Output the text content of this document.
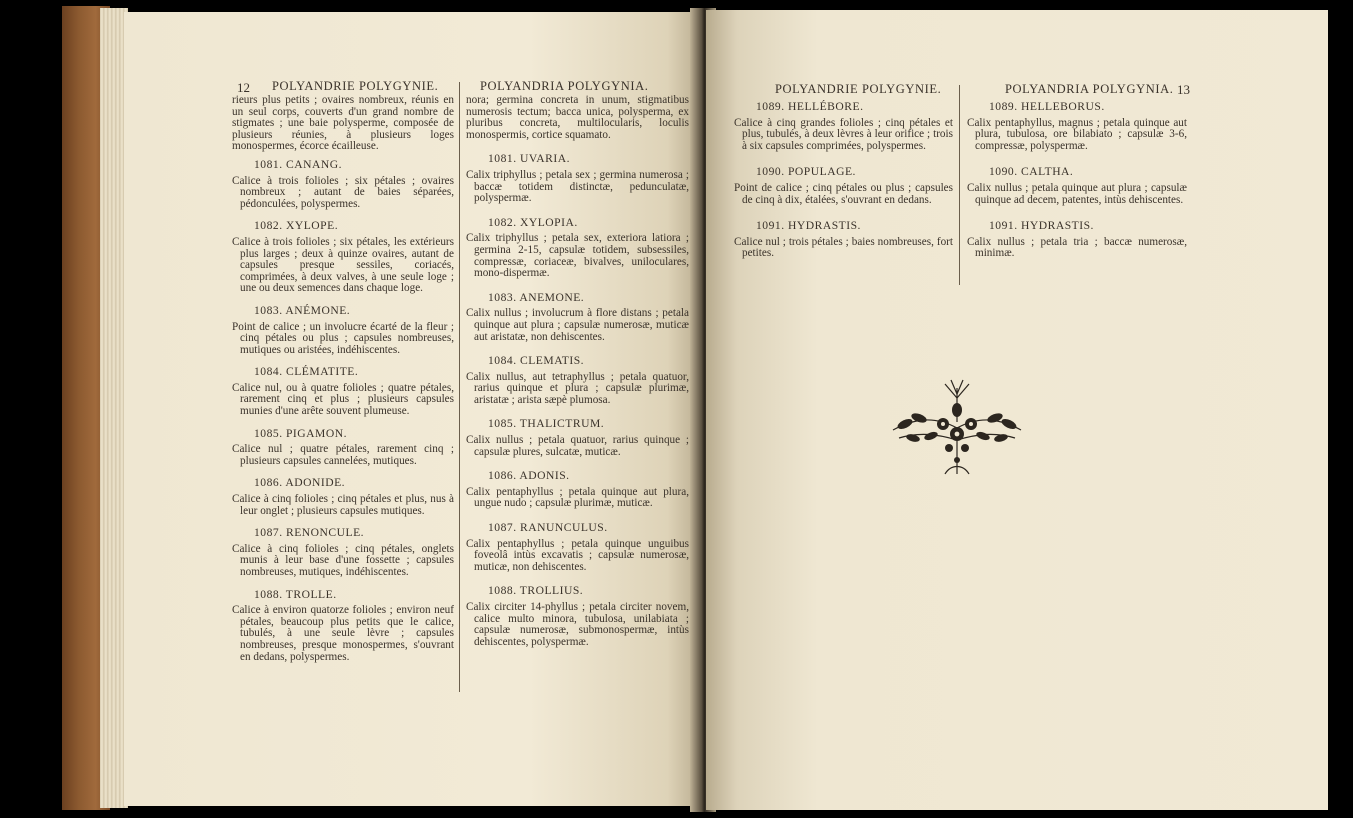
12 POLYANDRIE POLYGYNIE.	POLYANDRIA POLYGYNIA.

rieurs plus petits ; ovaires nombreux, réunis en un seul corps, couverts d'un grand nombre de stigmates ; une baie polysperme, composée de plusieurs réunies, à plusieurs loges monospermes, écorce écailleuse.

1081. CANANG.
Calice à trois folioles ; six pétales ; ovaires nombreux ; autant de baies séparées, pédonculées, polyspermes.
1082. XYLOPE.
Calice à trois folioles ; six pétales, les extérieurs plus larges ; deux à quinze ovaires, autant de capsules presque sessiles, coriacés, comprimées, à deux valves, à une seule loge ; une ou deux semences dans chaque loge.
1083. ANÉMONE.
Point de calice ; un involucre écarté de la fleur ; cinq pétales ou plus ; capsules nombreuses, mutiques ou aristées, indéhiscentes.
1084. CLÉMATITE.
Calice nul, ou à quatre folioles ; quatre pétales, rarement cinq et plus ; plusieurs capsules munies d'une arête souvent plumeuse.
1085. PIGAMON.
Calice nul ; quatre pétales, rarement cinq ; plusieurs capsules cannelées, mutiques.
1086. ADONIDE.
Calice à cinq folioles ; cinq pétales et plus, nus à leur onglet ; plusieurs capsules mutiques.
1087. RENONCULE.
Calice à cinq folioles ; cinq pétales, onglets munis à leur base d'une fossette ; capsules nombreuses, mutiques, indéhiscentes.
1088. TROLLE.
Calice à environ quatorze folioles ; environ neuf pétales, beaucoup plus petits que le calice, tubulés, à une seule lèvre ; capsules nombreuses, presque monospermes, s'ouvrant en dedans, polyspermes.

nora; germina concreta in unum, stigmatibus numerosis tectum; bacca unica, polysperma, ex pluribus concreta, multilocularis, loculis monospermis, cortice squamato.

1081. UVARIA.
Calix triphyllus ; petala sex ; germina numerosa ; baccæ totidem distinctæ, pedunculatæ, polyspermæ.
1082. XYLOPIA.
Calix triphyllus ; petala sex, exteriora latiora ; germina 2-15, capsulæ totidem, subsessiles, compressæ, coriaceæ, bivalves, uniloculares, mono-dispermæ.
1083. ANEMONE.
Calix nullus ; involucrum à flore distans ; petala quinque aut plura ; capsulæ numerosæ, muticæ aut aristatæ, non dehiscentes.
1084. CLEMATIS.
Calix nullus, aut tetraphyllus ; petala quatuor, rarius quinque et plura ; capsulæ plurimæ, aristatæ ; arista sæpè plumosa.
1085. THALICTRUM.
Calix nullus ; petala quatuor, rarius quinque ; capsulæ plures, sulcatæ, muticæ.
1086. ADONIS.
Calix pentaphyllus ; petala quinque aut plura, ungue nudo ; capsulæ plurimæ, muticæ.
1087. RANUNCULUS.
Calix pentaphyllus ; petala quinque unguibus foveolâ intùs excavatis ; capsulæ numerosæ, muticæ, non dehiscentes.
1088. TROLLIUS.
Calix circiter 14-phyllus ; petala circiter novem, calice multo minora, tubulosa, unilabiata ; capsulæ numerosæ, submonospermæ, intùs dehiscentes, polyspermæ.
POLYANDRIE POLYGYNIE.	POLYANDRIA POLYGYNIA. 13
1089. HELLÉBORE.
Calice à cinq grandes folioles ; cinq pétales et plus, tubulés, à deux lèvres à leur orifice ; trois à six capsules comprimées, polyspermes.
1090. POPULAGE.
Point de calice ; cinq pétales ou plus ; capsules de cinq à dix, étalées, s'ouvrant en dedans.
1091. HYDRASTIS.
Calice nul ; trois pétales ; baies nombreuses, fort petites.
1089. HELLEBORUS.
Calix pentaphyllus, magnus ; petala quinque aut plura, tubulosa, ore bilabiato ; capsulæ 3-6, compressæ, polyspermæ.
1090. CALTHA.
Calix nullus ; petala quinque aut plura ; capsulæ quinque ad decem, patentes, intùs dehiscentes.
1091. HYDRASTIS.
Calix nullus ; petala tria ; baccæ numerosæ, minimæ.
